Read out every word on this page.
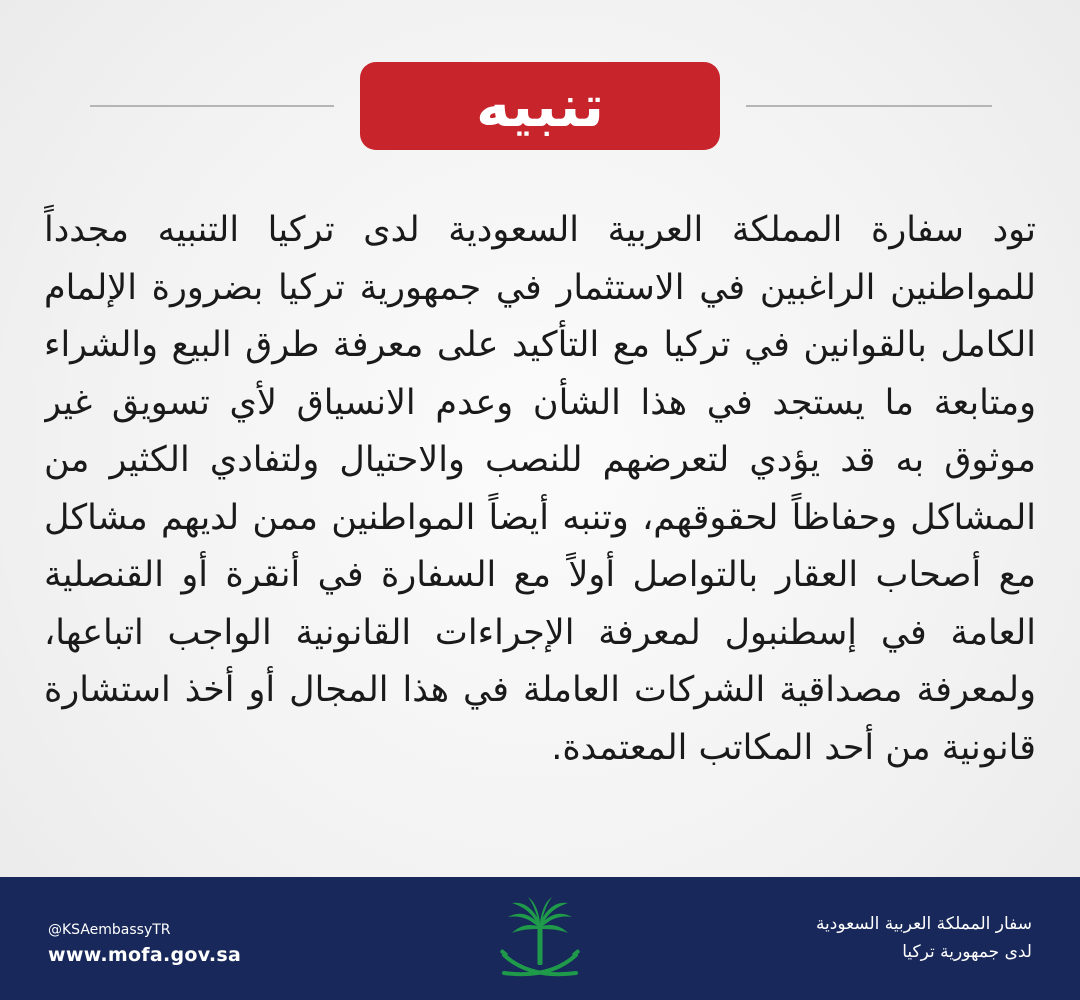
تنبيه

تود سفارة المملكة العربية السعودية لدى تركيا التنبيه مجدداً للمواطنين الراغبين في الاستثمار في جمهورية تركيا بضرورة الإلمام الكامل بالقوانين في تركيا مع التأكيد على معرفة طرق البيع والشراء ومتابعة ما يستجد في هذا الشأن وعدم الانسياق لأي تسويق غير موثوق به قد يؤدي لتعرضهم للنصب والاحتيال ولتفادي الكثير من المشاكل وحفاظاً لحقوقهم، وتنبه أيضاً المواطنين ممن لديهم مشاكل مع أصحاب العقار بالتواصل أولاً مع السفارة في أنقرة أو القنصلية العامة في إسطنبول لمعرفة الإجراءات القانونية الواجب اتباعها، ولمعرفة مصداقية الشركات العاملة في هذا المجال أو أخذ استشارة قانونية من أحد المكاتب المعتمدة.

@KSAembassyTR
www.mofa.gov.sa
سفار المملكة العربية السعودية
لدى جمهورية تركيا
